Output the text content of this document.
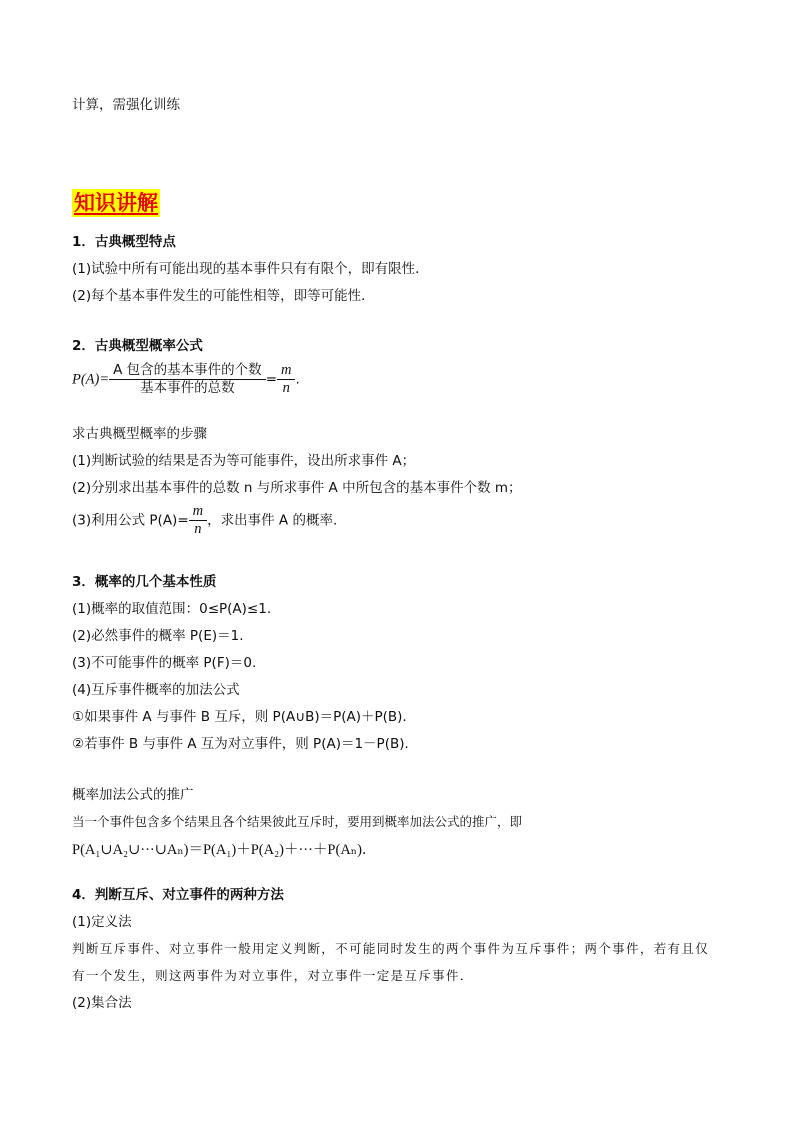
计算，需强化训练
知识讲解
1．古典概型特点
(1)试验中所有可能出现的基本事件只有有限个，即有限性．
(2)每个基本事件发生的可能性相等，即等可能性．
2．古典概型概率公式
$P(A)= \frac{\text{A 包含的基本事件的个数}}{\text{基本事件的总数}} = \frac{m}{n}$ .
求古典概型概率的步骤
(1)判断试验的结果是否为等可能事件，设出所求事件 A；
(2)分别求出基本事件的总数 n 与所求事件 A 中所包含的基本事件个数 m；
(3)利用公式 $P(A)= \frac{m}{n}$ ，求出事件 A 的概率.
3．概率的几个基本性质
(1)概率的取值范围：0≤P(A)≤1.
(2)必然事件的概率 P(E)＝1.
(3)不可能事件的概率 P(F)＝0.
(4)互斥事件概率的加法公式
①如果事件 A 与事件 B 互斥，则 P(A∪B)＝P(A)＋P(B)．
②若事件 B 与事件 A 互为对立事件，则 P(A)＝1－P(B)．
概率加法公式的推广
当一个事件包含多个结果且各个结果彼此互斥时，要用到概率加法公式的推广，即
P(A₁∪A₂∪···∪Aₙ)＝P(A₁)＋P(A₂)＋···＋P(Aₙ)．
4．判断互斥、对立事件的两种方法
(1)定义法
判断互斥事件、对立事件一般用定义判断，不可能同时发生的两个事件为互斥事件；两个事件，若有且仅
有一个发生，则这两事件为对立事件，对立事件一定是互斥事件．
(2)集合法
